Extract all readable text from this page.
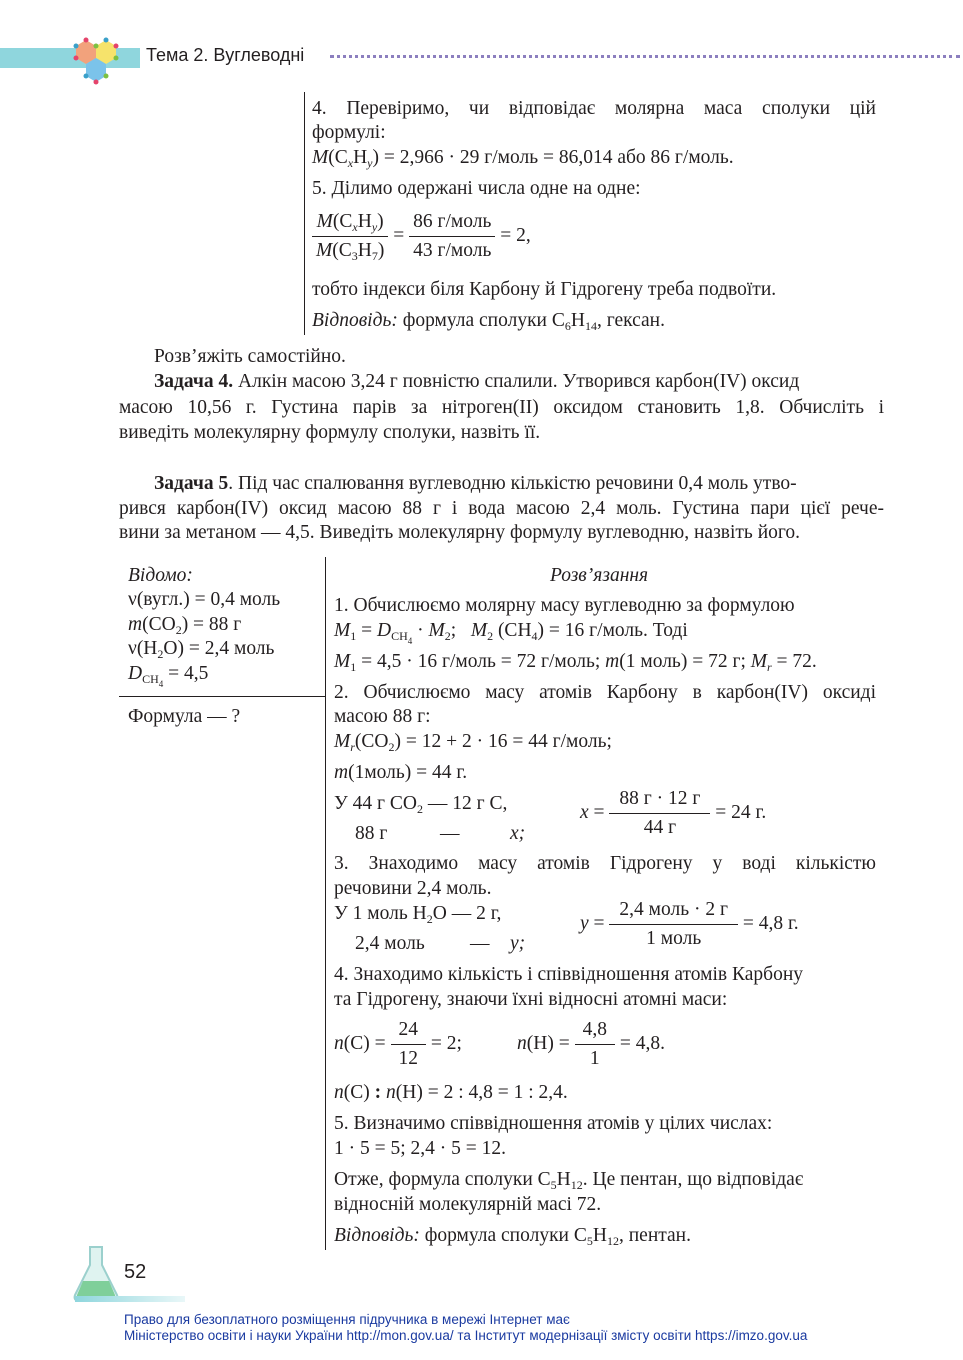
Тема 2. Вуглеводні
4. Перевіримо, чи відповідає молярна маса сполуки цій
формулі:
$M(C_xH_y) = 2,966 \cdot 29$ г/моль = 86,014 або 86 г/моль.
5. Ділимо одержані числа одне на одне:
$\frac{M(C_xH_y)}{M(C_3H_7)} = \frac{\text{86 г/моль}}{\text{43 г/моль}} = 2$,
тобто індекси біля Карбону й Гідрогену треба подвоїти.
Відповідь: формула сполуки $C_6H_{14}$, гексан.
Розв’яжіть самостійно.
Задача 4. Алкін масою 3,24 г повністю спалили. Утворився карбон(IV) оксид
масою 10,56 г. Густина парів за нітроген(II) оксидом становить 1,8. Обчисліть і
виведіть молекулярну формулу сполуки, назвіть її.
Задача 5. Під час спалювання вуглеводню кількістю речовини 0,4 моль утво-
рився карбон(IV) оксид масою 88 г і вода масою 2,4 моль. Густина пари цієї рече-
вини за метаном — 4,5. Виведіть молекулярну формулу вуглеводню, назвіть його.
Відомо:
ν(вугл.) = 0,4 моль
$m(CO_2) = 88$ г
$\nu(H_2O) = 2,4$ моль
$D_{CH_4} = 4,5$
Формула — ?
Розв’язання
1. Обчислюємо молярну масу вуглеводню за формулою
$M_1 = D_{CH_4} \cdot M_2$;   $M_2$ $(CH_4) = 16$ г/моль. Тоді
$M_1 = 4,5 \cdot 16$ г/моль = 72 г/моль; m(1 моль) = 72 г; $M_r = 72$.
2. Обчислюємо масу атомів Карбону в карбон(IV) оксиді
масою 88 г:
$M_r(CO_2) = 12 + 2 \cdot 16 = 44$ г/моль;
m(1моль) = 44 г.
У 44 г $CO_2$ — 12 г C,
88 г	—	x;
$x = \frac{88 г \cdot 12 г}{44 г} = 24$ г.
3. Знаходимо масу атомів Гідрогену у воді кількістю
речовини 2,4 моль.
У 1 моль $H_2O$ — 2 г,
2,4 моль — y;
$y = \frac{\text{2,4 моль · 2 г}}{\text{1 моль}} = 4,8$ г.
4. Знаходимо кількість і співвідношення атомів Карбону
та Гідрогену, знаючи їхні відносні атомні маси:
$n(C) = \frac{24}{12} = 2$;	$n(H) = \frac{4,8}{1} = 4,8$.
n(C) : n(H) = 2 : 4,8 = 1 : 2,4.
5. Визначимо співвідношення атомів у цілих числах:
1 · 5 = 5; 2,4 · 5 = 12.
Отже, формула сполуки $C_5H_{12}$. Це пентан, що відповідає
відносній молекулярній масі 72.
Відповідь: формула сполуки $C_5H_{12}$, пентан.
52
Право для безоплатного розміщення підручника в мережі Інтернет має
Міністерство освіти і науки України http://mon.gov.ua/ та Інститут модернізації змісту освіти https://imzo.gov.ua
